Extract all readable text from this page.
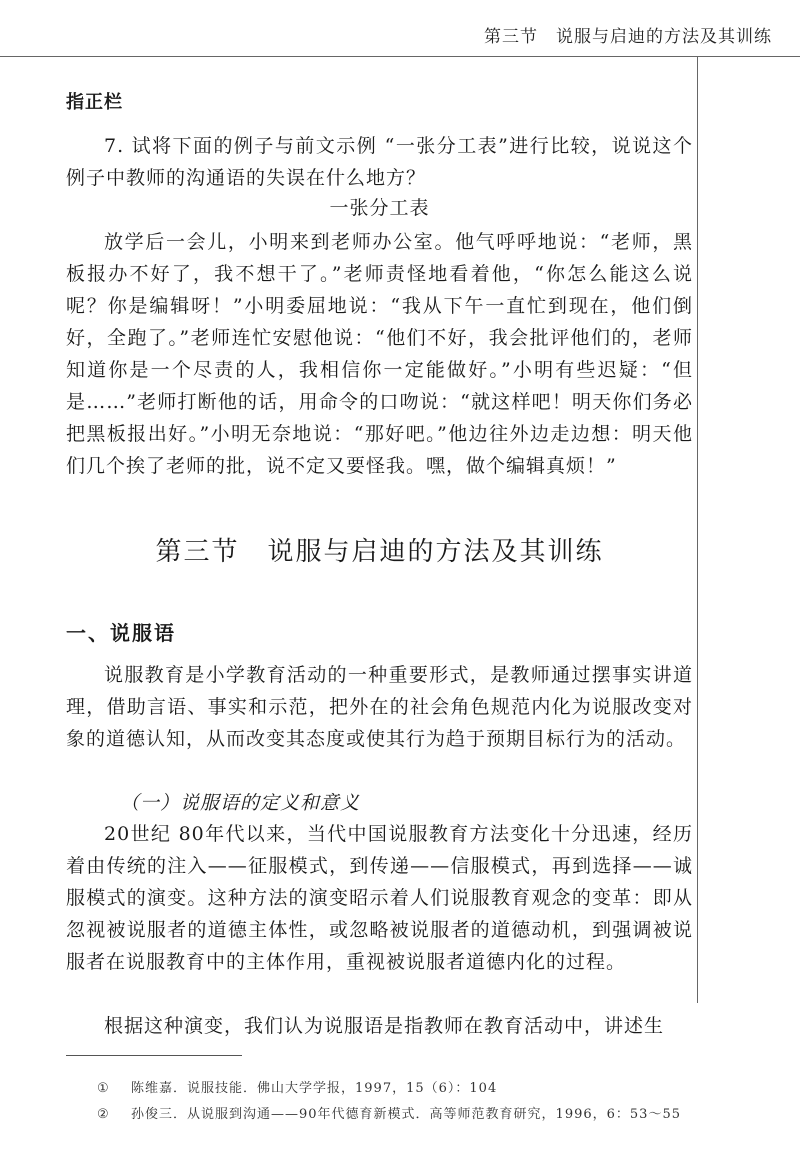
第三节　说服与启迪的方法及其训练
指正栏

7. 试将下面的例子与前文示例 “一张分工表”进行比较，说说这个例子中教师的沟通语的失误在什么地方？

一张分工表

放学后一会儿，小明来到老师办公室。他气呼呼地说：“老师，黑板报办不好了，我不想干了。”老师责怪地看着他，“你怎么能这么说呢？你是编辑呀！”小明委屈地说：“我从下午一直忙到现在，他们倒好，全跑了。”老师连忙安慰他说：“他们不好，我会批评他们的，老师知道你是一个尽责的人，我相信你一定能做好。”小明有些迟疑：“但是……”老师打断他的话，用命令的口吻说：“就这样吧！明天你们务必把黑板报出好。”小明无奈地说：“那好吧。”他边往外边走边想：明天他们几个挨了老师的批，说不定又要怪我。嘿，做个编辑真烦！”

第三节　说服与启迪的方法及其训练
一、说服语

说服教育是小学教育活动的一种重要形式，是教师通过摆事实讲道理，借助言语、事实和示范，把外在的社会角色规范内化为说服改变对象的道德认知，从而改变其态度或使其行为趋于预期目标行为的活动。

（一）说服语的定义和意义

20世纪 80年代以来，当代中国说服教育方法变化十分迅速，经历着由传统的注入——征服模式，到传递——信服模式，再到选择——诚服模式的演变。这种方法的演变昭示着人们说服教育观念的变革：即从忽视被说服者的道德主体性，或忽略被说服者的道德动机，到强调被说服者在说服教育中的主体作用，重视被说服者道德内化的过程。

根据这种演变，我们认为说服语是指教师在教育活动中，讲述生

① 陈维嘉．说服技能．佛山大学学报，1997，15（6）：104
② 孙俊三．从说服到沟通——90年代德育新模式．高等师范教育研究，1996，6：53～55
